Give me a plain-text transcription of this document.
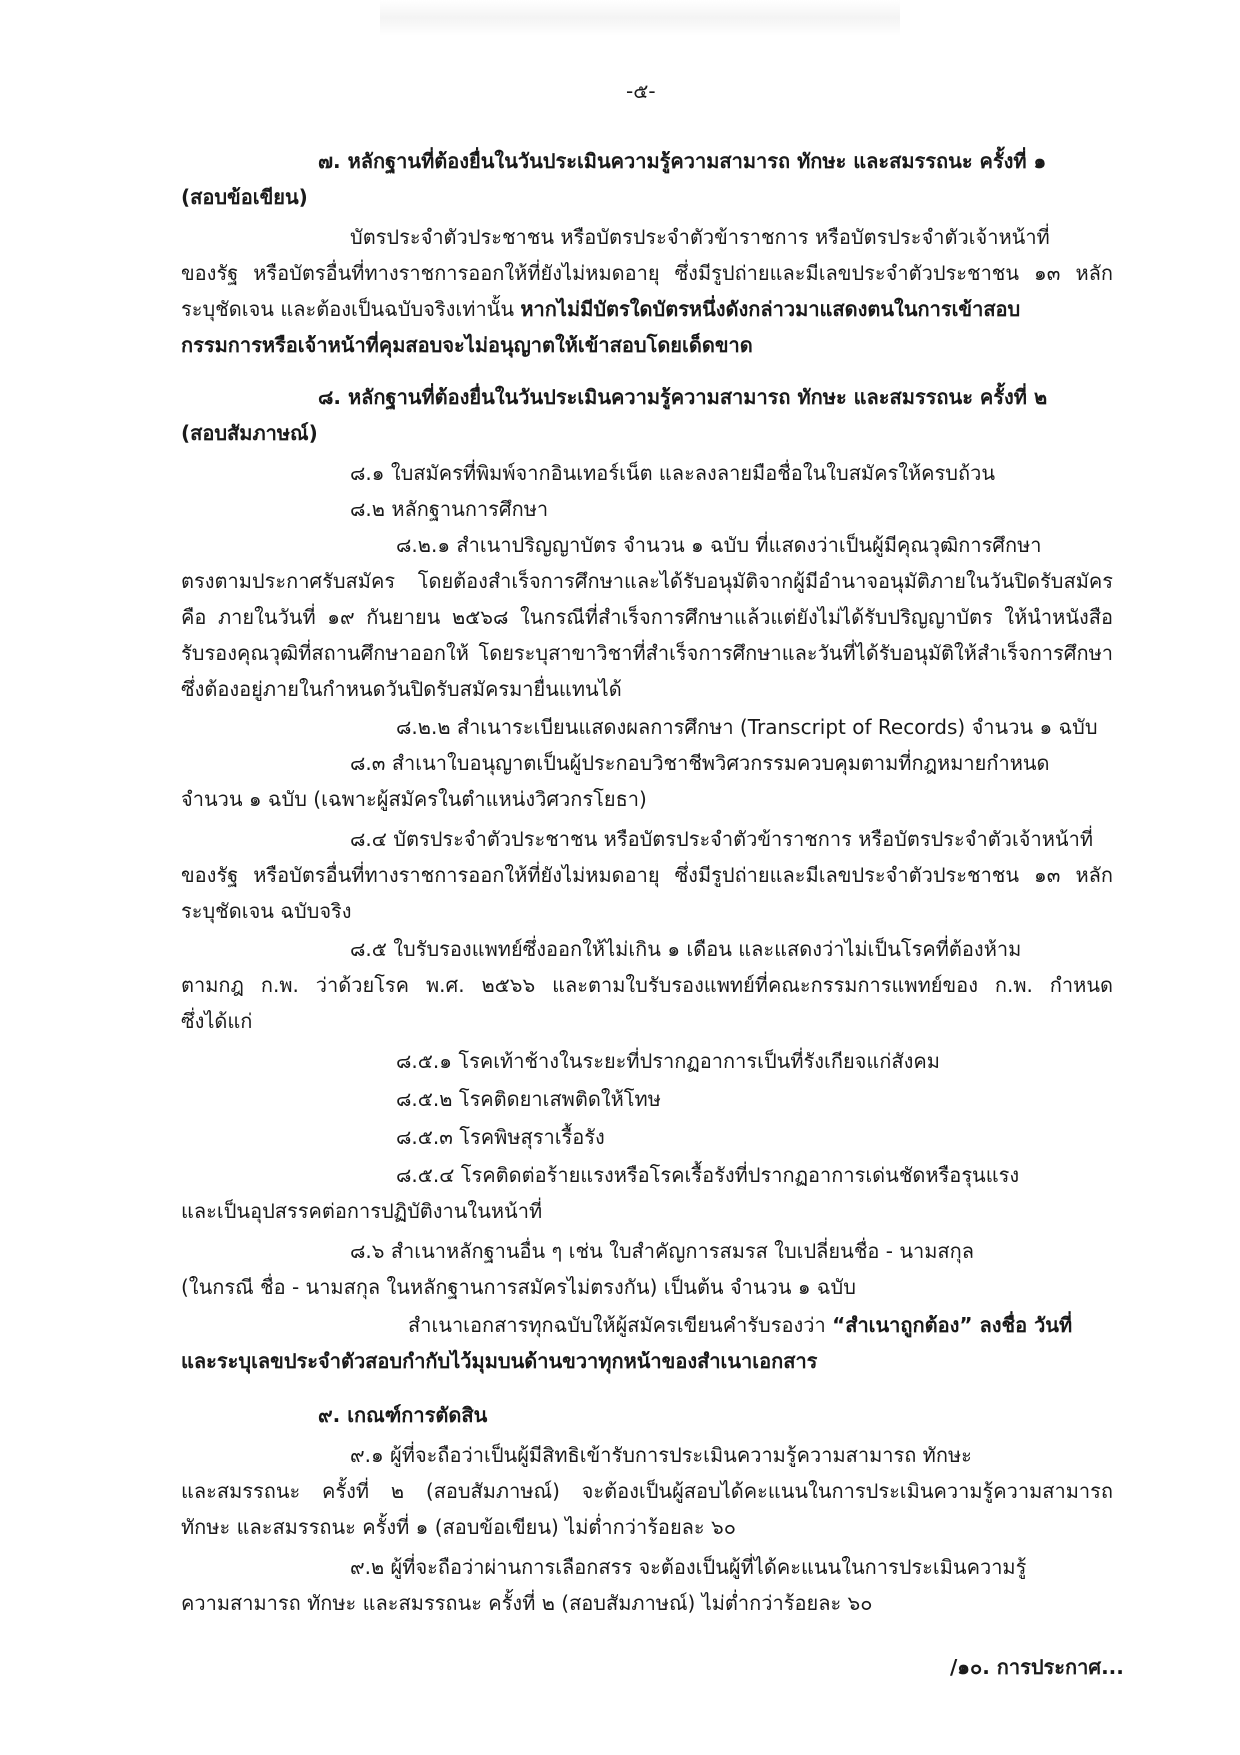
-๕-

๗. หลักฐานที่ต้องยื่นในวันประเมินความรู้ความสามารถ ทักษะ และสมรรถนะ ครั้งที่ ๑

(สอบข้อเขียน)

บัตรประจำตัวประชาชน หรือบัตรประจำตัวข้าราชการ หรือบัตรประจำตัวเจ้าหน้าที่

ของรัฐ หรือบัตรอื่นที่ทางราชการออกให้ที่ยังไม่หมดอายุ ซึ่งมีรูปถ่ายและมีเลขประจำตัวประชาชน ๑๓ หลัก

ระบุชัดเจน และต้องเป็นฉบับจริงเท่านั้น หากไม่มีบัตรใดบัตรหนึ่งดังกล่าวมาแสดงตนในการเข้าสอบ

กรรมการหรือเจ้าหน้าที่คุมสอบจะไม่อนุญาตให้เข้าสอบโดยเด็ดขาด

๘. หลักฐานที่ต้องยื่นในวันประเมินความรู้ความสามารถ ทักษะ และสมรรถนะ ครั้งที่ ๒

(สอบสัมภาษณ์)

๘.๑ ใบสมัครที่พิมพ์จากอินเทอร์เน็ต และลงลายมือชื่อในใบสมัครให้ครบถ้วน

๘.๒ หลักฐานการศึกษา

๘.๒.๑ สำเนาปริญญาบัตร จำนวน ๑ ฉบับ ที่แสดงว่าเป็นผู้มีคุณวุฒิการศึกษา

ตรงตามประกาศรับสมัคร โดยต้องสำเร็จการศึกษาและได้รับอนุมัติจากผู้มีอำนาจอนุมัติภายในวันปิดรับสมัคร

คือ ภายในวันที่ ๑๙ กันยายน ๒๕๖๘ ในกรณีที่สำเร็จการศึกษาแล้วแต่ยังไม่ได้รับปริญญาบัตร ให้นำหนังสือ

รับรองคุณวุฒิที่สถานศึกษาออกให้ โดยระบุสาขาวิชาที่สำเร็จการศึกษาและวันที่ได้รับอนุมัติให้สำเร็จการศึกษา

ซึ่งต้องอยู่ภายในกำหนดวันปิดรับสมัครมายื่นแทนได้

๘.๒.๒ สำเนาระเบียนแสดงผลการศึกษา (Transcript of Records) จำนวน ๑ ฉบับ

๘.๓ สำเนาใบอนุญาตเป็นผู้ประกอบวิชาชีพวิศวกรรมควบคุมตามที่กฎหมายกำหนด

จำนวน ๑ ฉบับ (เฉพาะผู้สมัครในตำแหน่งวิศวกรโยธา)

๘.๔ บัตรประจำตัวประชาชน หรือบัตรประจำตัวข้าราชการ หรือบัตรประจำตัวเจ้าหน้าที่

ของรัฐ หรือบัตรอื่นที่ทางราชการออกให้ที่ยังไม่หมดอายุ ซึ่งมีรูปถ่ายและมีเลขประจำตัวประชาชน ๑๓ หลัก

ระบุชัดเจน ฉบับจริง

๘.๕ ใบรับรองแพทย์ซึ่งออกให้ไม่เกิน ๑ เดือน และแสดงว่าไม่เป็นโรคที่ต้องห้าม

ตามกฎ ก.พ. ว่าด้วยโรค พ.ศ. ๒๕๖๖ และตามใบรับรองแพทย์ที่คณะกรรมการแพทย์ของ ก.พ. กำหนด

ซึ่งได้แก่

๘.๕.๑ โรคเท้าช้างในระยะที่ปรากฏอาการเป็นที่รังเกียจแก่สังคม

๘.๕.๒ โรคติดยาเสพติดให้โทษ

๘.๕.๓ โรคพิษสุราเรื้อรัง

๘.๕.๔ โรคติดต่อร้ายแรงหรือโรคเรื้อรังที่ปรากฏอาการเด่นชัดหรือรุนแรง

และเป็นอุปสรรคต่อการปฏิบัติงานในหน้าที่

๘.๖ สำเนาหลักฐานอื่น ๆ เช่น ใบสำคัญการสมรส ใบเปลี่ยนชื่อ - นามสกุล

(ในกรณี ชื่อ - นามสกุล ในหลักฐานการสมัครไม่ตรงกัน) เป็นต้น จำนวน ๑ ฉบับ

สำเนาเอกสารทุกฉบับให้ผู้สมัครเขียนคำรับรองว่า “สำเนาถูกต้อง” ลงชื่อ วันที่

และระบุเลขประจำตัวสอบกำกับไว้มุมบนด้านขวาทุกหน้าของสำเนาเอกสาร

๙. เกณฑ์การตัดสิน

๙.๑ ผู้ที่จะถือว่าเป็นผู้มีสิทธิเข้ารับการประเมินความรู้ความสามารถ ทักษะ

และสมรรถนะ ครั้งที่ ๒ (สอบสัมภาษณ์) จะต้องเป็นผู้สอบได้คะแนนในการประเมินความรู้ความสามารถ

ทักษะ และสมรรถนะ ครั้งที่ ๑ (สอบข้อเขียน) ไม่ต่ำกว่าร้อยละ ๖๐

๙.๒ ผู้ที่จะถือว่าผ่านการเลือกสรร จะต้องเป็นผู้ที่ได้คะแนนในการประเมินความรู้

ความสามารถ ทักษะ และสมรรถนะ ครั้งที่ ๒ (สอบสัมภาษณ์) ไม่ต่ำกว่าร้อยละ ๖๐

/๑๐. การประกาศ...
